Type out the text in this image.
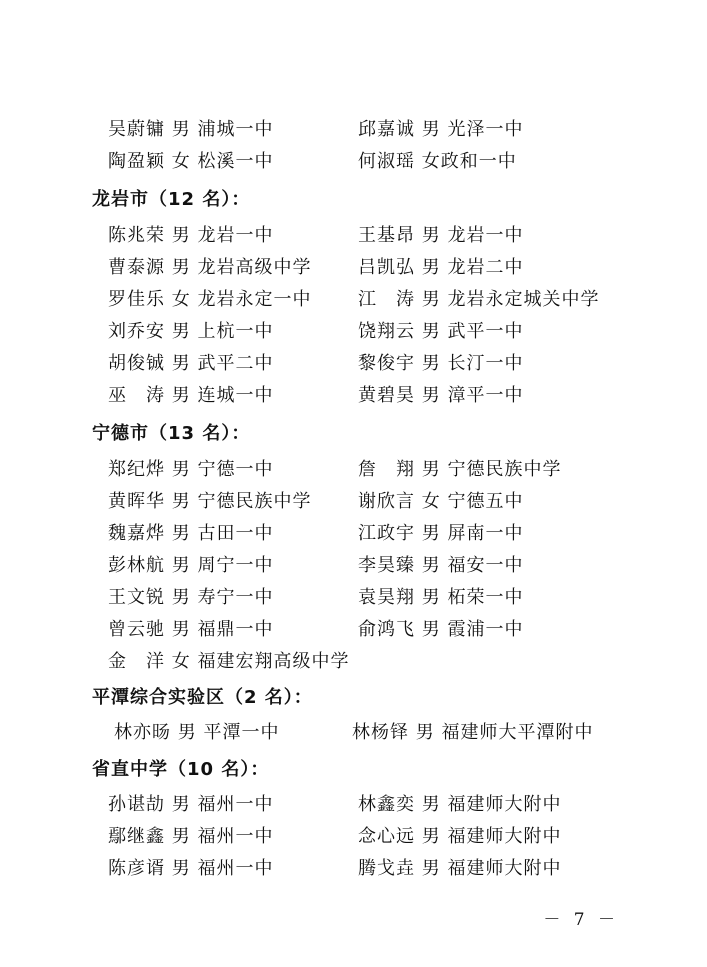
吴蔚镛 男 浦城一中	邱嘉诚 男 光泽一中
陶盈颖 女 松溪一中	何淑瑶 女政和一中
龙岩市（12 名）：
陈兆荣 男 龙岩一中	王基昂 男 龙岩一中
曹泰源 男 龙岩高级中学	吕凯弘 男 龙岩二中
罗佳乐 女 龙岩永定一中	江　涛 男 龙岩永定城关中学
刘乔安 男 上杭一中	饶翔云 男 武平一中
胡俊铖 男 武平二中	黎俊宇 男 长汀一中
巫　涛 男 连城一中	黄碧昊 男 漳平一中
宁德市（13 名）：
郑纪烨 男 宁德一中	詹　翔 男 宁德民族中学
黄晖华 男 宁德民族中学	谢欣言 女 宁德五中
魏嘉烨 男 古田一中	江政宇 男 屏南一中
彭林航 男 周宁一中	李昊臻 男 福安一中
王文锐 男 寿宁一中	袁昊翔 男 柘荣一中
曾云驰 男 福鼎一中	俞鸿飞 男 霞浦一中
金　洋 女 福建宏翔高级中学
平潭综合实验区（2 名）：
林亦旸 男 平潭一中	林杨铎 男 福建师大平潭附中
省直中学（10 名）：
孙谌劼 男 福州一中	林鑫奕 男 福建师大附中
鄢继鑫 男 福州一中	念心远 男 福建师大附中
陈彦谞 男 福州一中	腾戈垚 男 福建师大附中
－ 7 －
